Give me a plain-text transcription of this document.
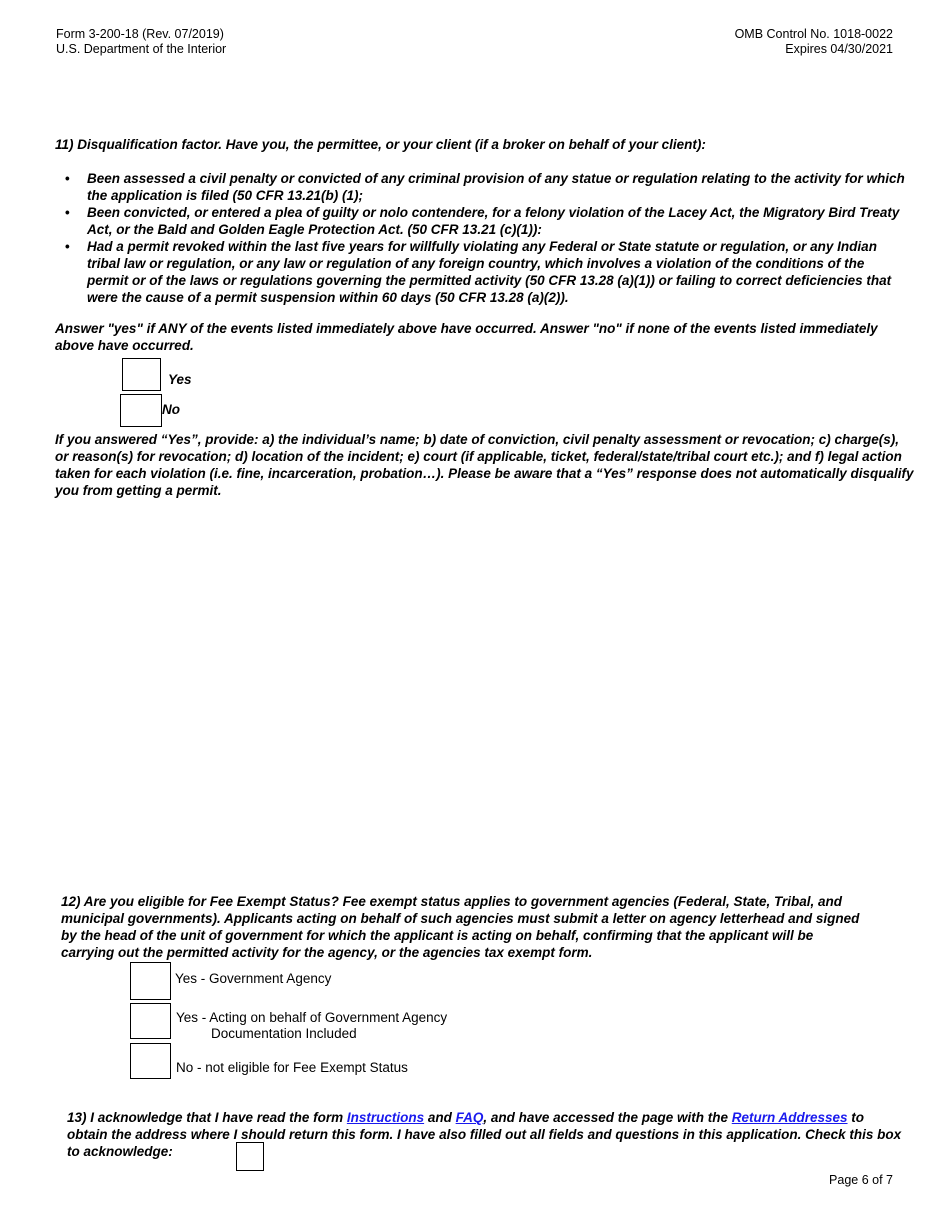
Form 3-200-18 (Rev. 07/2019)
U.S. Department of the Interior
OMB Control No. 1018-0022
Expires 04/30/2021
11) Disqualification factor. Have you, the permittee, or your client (if a broker on behalf of your client):
• Been assessed a civil penalty or convicted of any criminal provision of any statue or regulation relating to the activity for which the application is filed (50 CFR 13.21(b) (1);
• Been convicted, or entered a plea of guilty or nolo contendere, for a felony violation of the Lacey Act, the Migratory Bird Treaty Act, or the Bald and Golden Eagle Protection Act. (50 CFR 13.21 (c)(1)):
• Had a permit revoked within the last five years for willfully violating any Federal or State statute or regulation, or any Indian tribal law or regulation, or any law or regulation of any foreign country, which involves a violation of the conditions of the permit or of the laws or regulations governing the permitted activity (50 CFR 13.28 (a)(1)) or failing to correct deficiencies that were the cause of a permit suspension within 60 days (50 CFR 13.28 (a)(2)).
Answer "yes" if ANY of the events listed immediately above have occurred. Answer "no" if none of the events listed immediately above have occurred.
Yes
No
If you answered “Yes”, provide: a) the individual’s name; b) date of conviction, civil penalty assessment or revocation; c) charge(s), or reason(s) for revocation; d) location of the incident; e) court (if applicable, ticket, federal/state/tribal court etc.); and f) legal action taken for each violation (i.e. fine, incarceration, probation…). Please be aware that a “Yes” response does not automatically disqualify you from getting a permit.
12) Are you eligible for Fee Exempt Status? Fee exempt status applies to government agencies (Federal, State, Tribal, and municipal governments). Applicants acting on behalf of such agencies must submit a letter on agency letterhead and signed by the head of the unit of government for which the applicant is acting on behalf, confirming that the applicant will be carrying out the permitted activity for the agency, or the agencies tax exempt form.
Yes - Government Agency
Yes - Acting on behalf of Government Agency
Documentation Included
No - not eligible for Fee Exempt Status
13) I acknowledge that I have read the form Instructions and FAQ, and have accessed the page with the Return Addresses to obtain the address where I should return this form. I have also filled out all fields and questions in this application. Check this box to acknowledge:
Page 6 of 7
